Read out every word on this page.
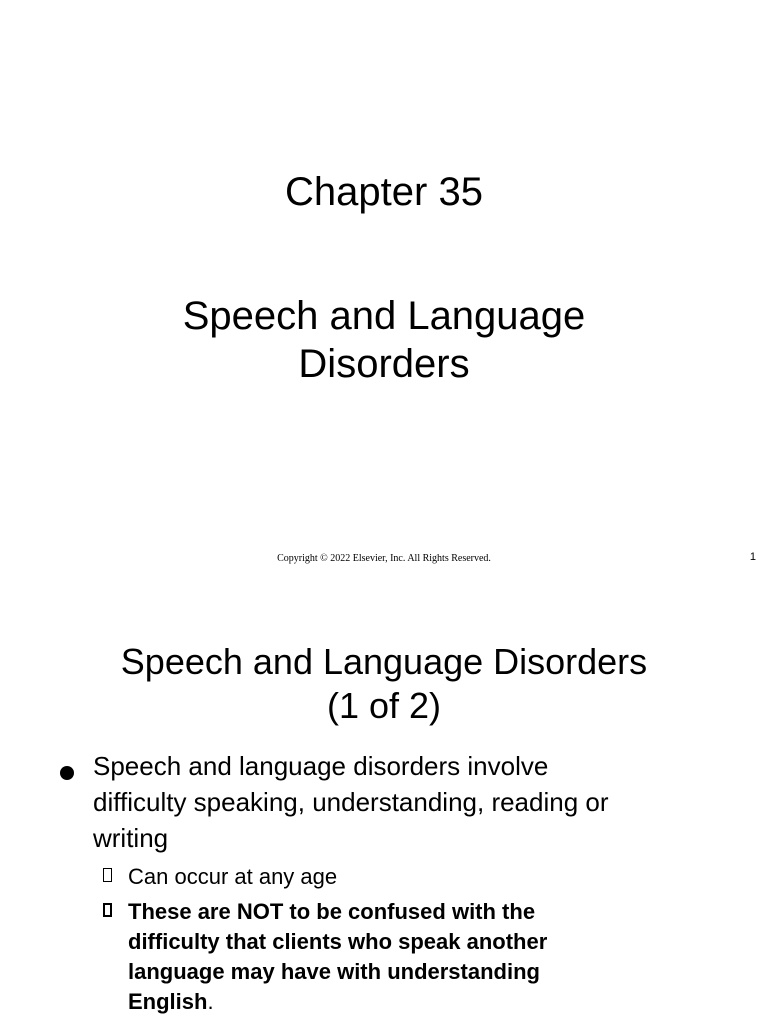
Chapter 35
Speech and Language
Disorders
Copyright © 2022 Elsevier, Inc. All Rights Reserved.	1
Speech and Language Disorders
(1 of 2)
Speech and language disorders involve
difficulty speaking, understanding, reading or
writing
Can occur at any age
These are NOT to be confused with the
difficulty that clients who speak another
language may have with understanding
English.
